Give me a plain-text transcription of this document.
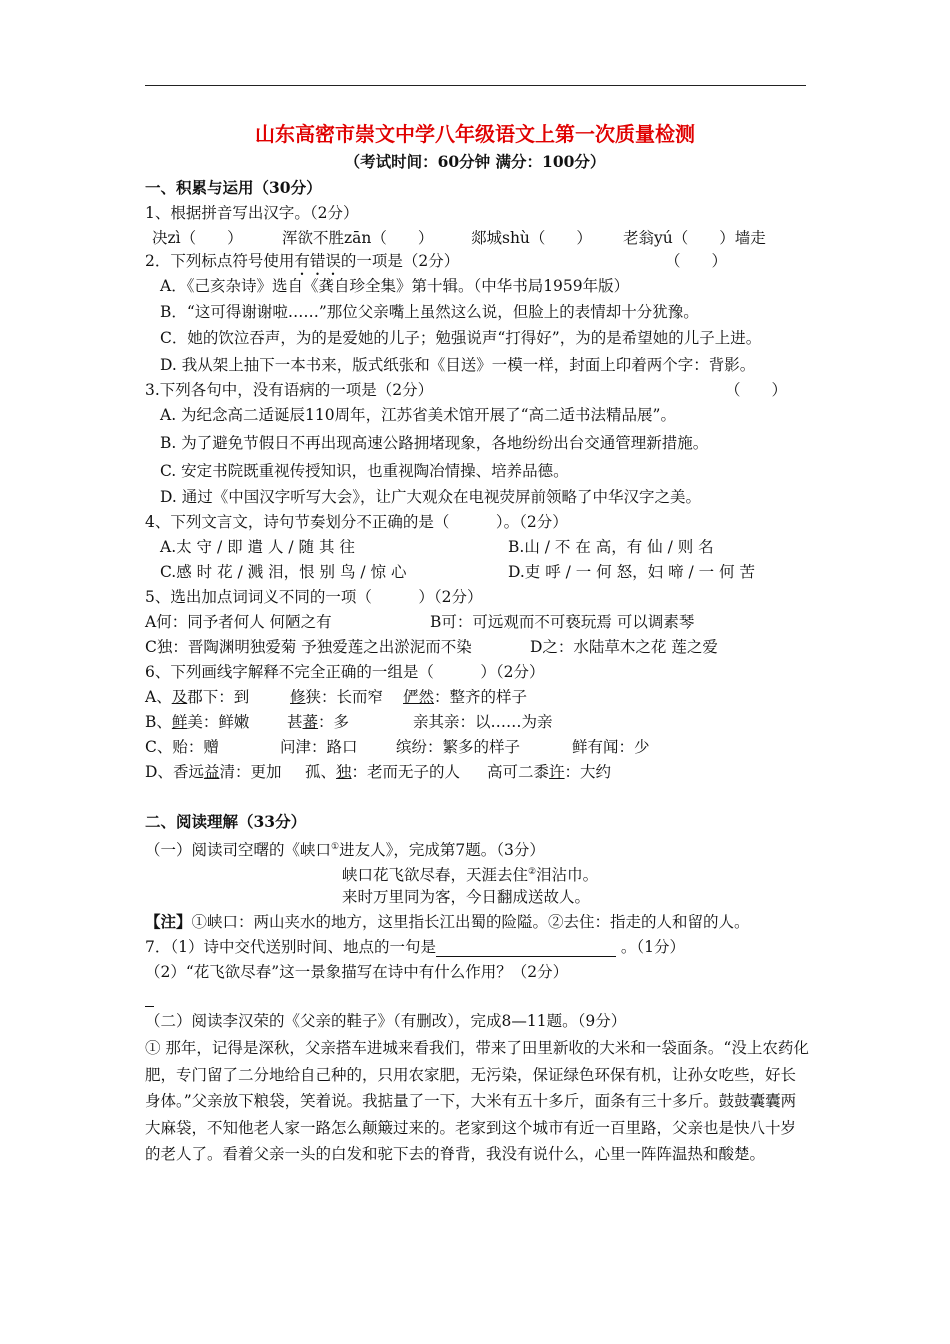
山东高密市崇文中学八年级语文上第一次质量检测
（考试时间：60分钟 满分：100分）
一、积累与运用（30分）
1、根据拼音写出汉字。（2分）
决zì（　　）	浑欲不胜zān（　　） 郯城shù（　　） 老翁yú（　　）墙走
2．下列标点符号使用有错误的一项是（2分）	（　　）
A．《己亥杂诗》选自《龚自珍全集》第十辑。（中华书局1959年版）
B．“这可得谢谢啦……”那位父亲嘴上虽然这么说，但脸上的表情却十分犹豫。
C．她的饮泣吞声，为的是爱她的儿子；勉强说声“打得好”，为的是希望她的儿子上进。
D. 我从架上抽下一本书来，版式纸张和《目送》一模一样，封面上印着两个字：背影。
3.下列各句中，没有语病的一项是（2分）	（　　）
A. 为纪念高二适诞辰110周年，江苏省美术馆开展了“高二适书法精品展”。
B. 为了避免节假日不再出现高速公路拥堵现象，各地纷纷出台交通管理新措施。
C. 安定书院既重视传授知识，也重视陶冶情操、培养品德。
D. 通过《中国汉字听写大会》，让广大观众在电视荧屏前领略了中华汉字之美。
4、下列文言文，诗句节奏划分不正确的是（　　　）。（2分）
A.太 守 / 即 遣 人 / 随 其 往	B.山 / 不 在 高，有 仙 / 则 名
C.感 时 花 / 溅 泪，恨 别 鸟 / 惊 心	D.吏 呼 / 一 何 怒，妇 啼 / 一 何 苦
5、选出加点词词义不同的一项（　　　）（2分）
A何：同予者何人 何陋之有	B可：可远观而不可亵玩焉 可以调素琴
C独：晋陶渊明独爱菊 予独爱莲之出淤泥而不染	D之：水陆草木之花 莲之爱
6、下列画线字解释不完全正确的一组是（　　　）（2分）
A、及郡下：到	修狭：长而窄 俨然：整齐的样子
B、鲜美：鲜嫩 甚蕃：多	亲其亲：以……为亲
C、贻：赠	问津：路口 缤纷：繁多的样子	鲜有闻：少
D、香远益清：更加 孤、独：老而无子的人 高可二黍许：大约
二、阅读理解（33分）
（一）阅读司空曙的《峡口①进友人》，完成第7题。（3分）
峡口花飞欲尽春，天涯去住②泪沾巾。
来时万里同为客，今日翻成送故人。
【注】①峡口：两山夹水的地方，这里指长江出蜀的险隘。②去住：指走的人和留的人。
7．（1）诗中交代送别时间、地点的一句是	。（1分）
（2）“花飞欲尽春”这一景象描写在诗中有什么作用？（2分）
（二）阅读李汉荣的《父亲的鞋子》（有删改），完成8—11题。（9分）
① 那年，记得是深秋，父亲搭车进城来看我们，带来了田里新收的大米和一袋面条。“没上农药化肥，专门留了二分地给自己种的，只用农家肥，无污染，保证绿色环保有机，让孙女吃些，好长身体。”父亲放下粮袋，笑着说。我掂量了一下，大米有五十多斤，面条有三十多斤。鼓鼓囊囊两大麻袋，不知他老人家一路怎么颠簸过来的。老家到这个城市有近一百里路，父亲也是快八十岁的老人了。看着父亲一头的白发和驼下去的脊背，我没有说什么，心里一阵阵温热和酸楚。
